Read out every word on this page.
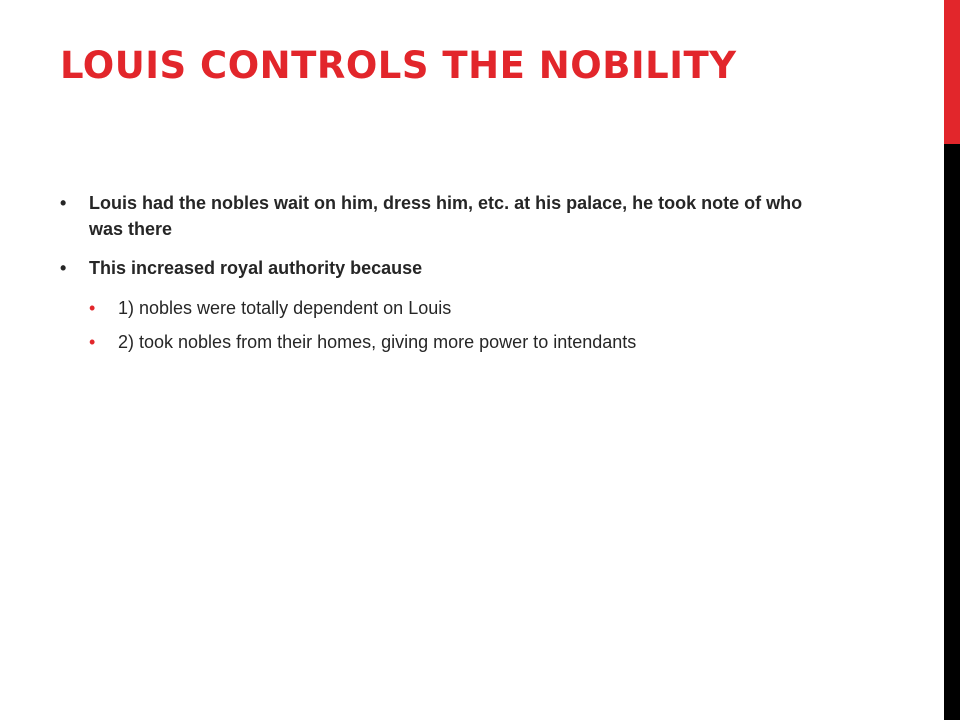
LOUIS CONTROLS THE NOBILITY
• Louis had the nobles wait on him, dress him, etc. at his palace, he took note of who was there
• This increased royal authority because
• 1) nobles were totally dependent on Louis
• 2) took nobles from their homes, giving more power to intendants
